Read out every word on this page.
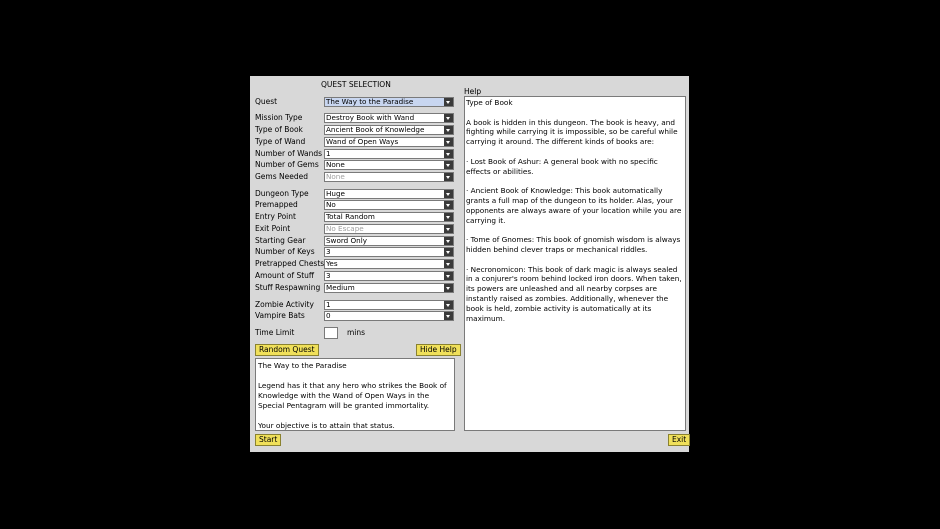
QUEST SELECTION
Help
Quest	The Way to the Paradise
Mission Type	Destroy Book with Wand
Type of Book	Ancient Book of Knowledge
Type of Wand	Wand of Open Ways
Number of Wands 1
Number of Gems None
Gems Needed	None
Dungeon Type Huge
Premapped	No
Entry Point	Total Random
Exit Point	No Escape
Starting Gear	Sword Only
Number of Keys 3
Pretrapped Chests Yes
Amount of Stuff 3
Stuff Respawning Medium
Zombie Activity 1
Vampire Bats	0
Time Limit	mins
Random Quest	Hide Help
The Way to the Paradise
Legend has it that any hero who strikes the Book of Knowledge with the Wand of Open Ways in the Special Pentagram will be granted immortality.
Your objective is to attain that status.
Type of Book
A book is hidden in this dungeon. The book is heavy, and fighting while carrying it is impossible, so be careful while carrying it around. The different kinds of books are:
· Lost Book of Ashur: A general book with no specific effects or abilities.
· Ancient Book of Knowledge: This book automatically grants a full map of the dungeon to its holder. Alas, your opponents are always aware of your location while you are carrying it.
· Tome of Gnomes: This book of gnomish wisdom is always hidden behind clever traps or mechanical riddles.
· Necronomicon: This book of dark magic is always sealed in a conjurer's room behind locked iron doors. When taken, its powers are unleashed and all nearby corpses are instantly raised as zombies. Additionally, whenever the book is held, zombie activity is automatically at its maximum.
Start	Exit
